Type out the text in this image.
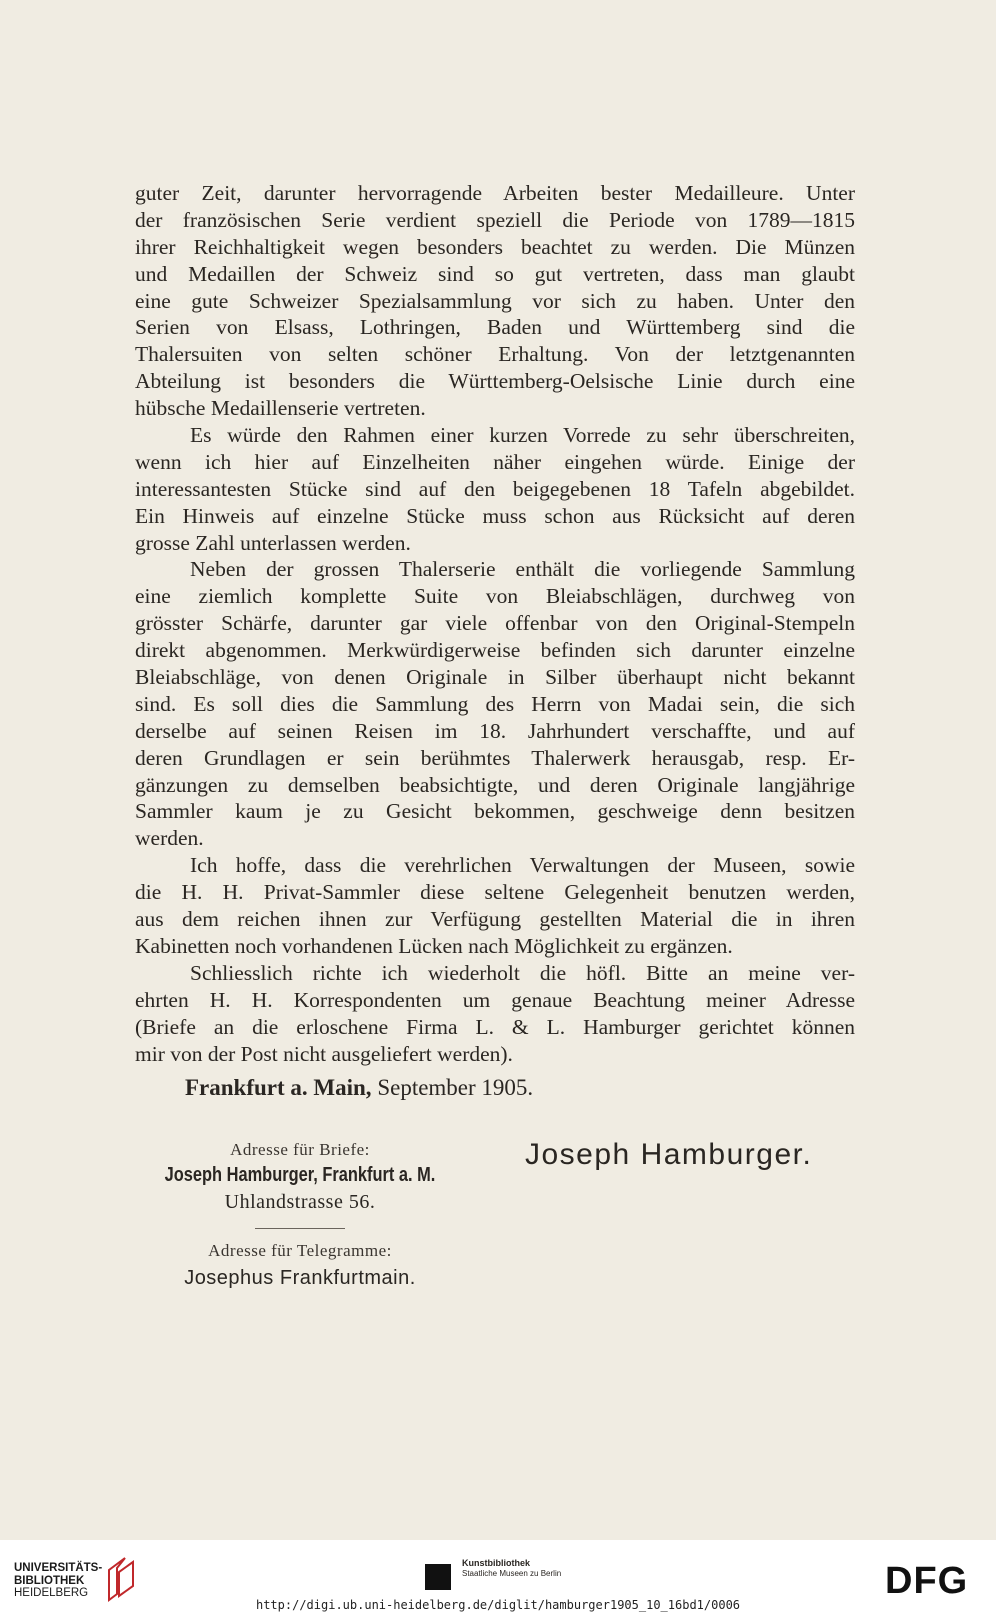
guter Zeit, darunter hervorragende Arbeiten bester Medailleure. Unter
der französischen Serie verdient speziell die Periode von 1789—1815
ihrer Reichhaltigkeit wegen besonders beachtet zu werden. Die Münzen
und Medaillen der Schweiz sind so gut vertreten, dass man glaubt
eine gute Schweizer Spezialsammlung vor sich zu haben. Unter den
Serien von Elsass, Lothringen, Baden und Württemberg sind die
Thalersuiten von selten schöner Erhaltung. Von der letztgenannten
Abteilung ist besonders die Württemberg-Oelsische Linie durch eine
hübsche Medaillenserie vertreten.
Es würde den Rahmen einer kurzen Vorrede zu sehr überschreiten,
wenn ich hier auf Einzelheiten näher eingehen würde. Einige der
interessantesten Stücke sind auf den beigegebenen 18 Tafeln abgebildet.
Ein Hinweis auf einzelne Stücke muss schon aus Rücksicht auf deren
grosse Zahl unterlassen werden.
Neben der grossen Thalerserie enthält die vorliegende Sammlung
eine ziemlich komplette Suite von Bleiabschlägen, durchweg von
grösster Schärfe, darunter gar viele offenbar von den Original-Stempeln
direkt abgenommen. Merkwürdigerweise befinden sich darunter einzelne
Bleiabschläge, von denen Originale in Silber überhaupt nicht bekannt
sind. Es soll dies die Sammlung des Herrn von Madai sein, die sich
derselbe auf seinen Reisen im 18. Jahrhundert verschaffte, und auf
deren Grundlagen er sein berühmtes Thalerwerk herausgab, resp. Er-
gänzungen zu demselben beabsichtigte, und deren Originale langjährige
Sammler kaum je zu Gesicht bekommen, geschweige denn besitzen
werden.
Ich hoffe, dass die verehrlichen Verwaltungen der Museen, sowie
die H. H. Privat-Sammler diese seltene Gelegenheit benutzen werden,
aus dem reichen ihnen zur Verfügung gestellten Material die in ihren
Kabinetten noch vorhandenen Lücken nach Möglichkeit zu ergänzen.
Schliesslich richte ich wiederholt die höfl. Bitte an meine ver-
ehrten H. H. Korrespondenten um genaue Beachtung meiner Adresse
(Briefe an die erloschene Firma L. & L. Hamburger gerichtet können
mir von der Post nicht ausgeliefert werden).
Frankfurt a. Main, September 1905.
Adresse für Briefe:
Joseph Hamburger, Frankfurt a. M.
Uhlandstrasse 56.
Adresse für Telegramme:
Josephus Frankfurtmain.
Joseph Hamburger.
UNIVERSITÄTS-
BIBLIOTHEK
HEIDELBERG
Kunstbibliothek
Staatliche Museen zu Berlin	DFG
http://digi.ub.uni-heidelberg.de/diglit/hamburger1905_10_16bd1/0006
